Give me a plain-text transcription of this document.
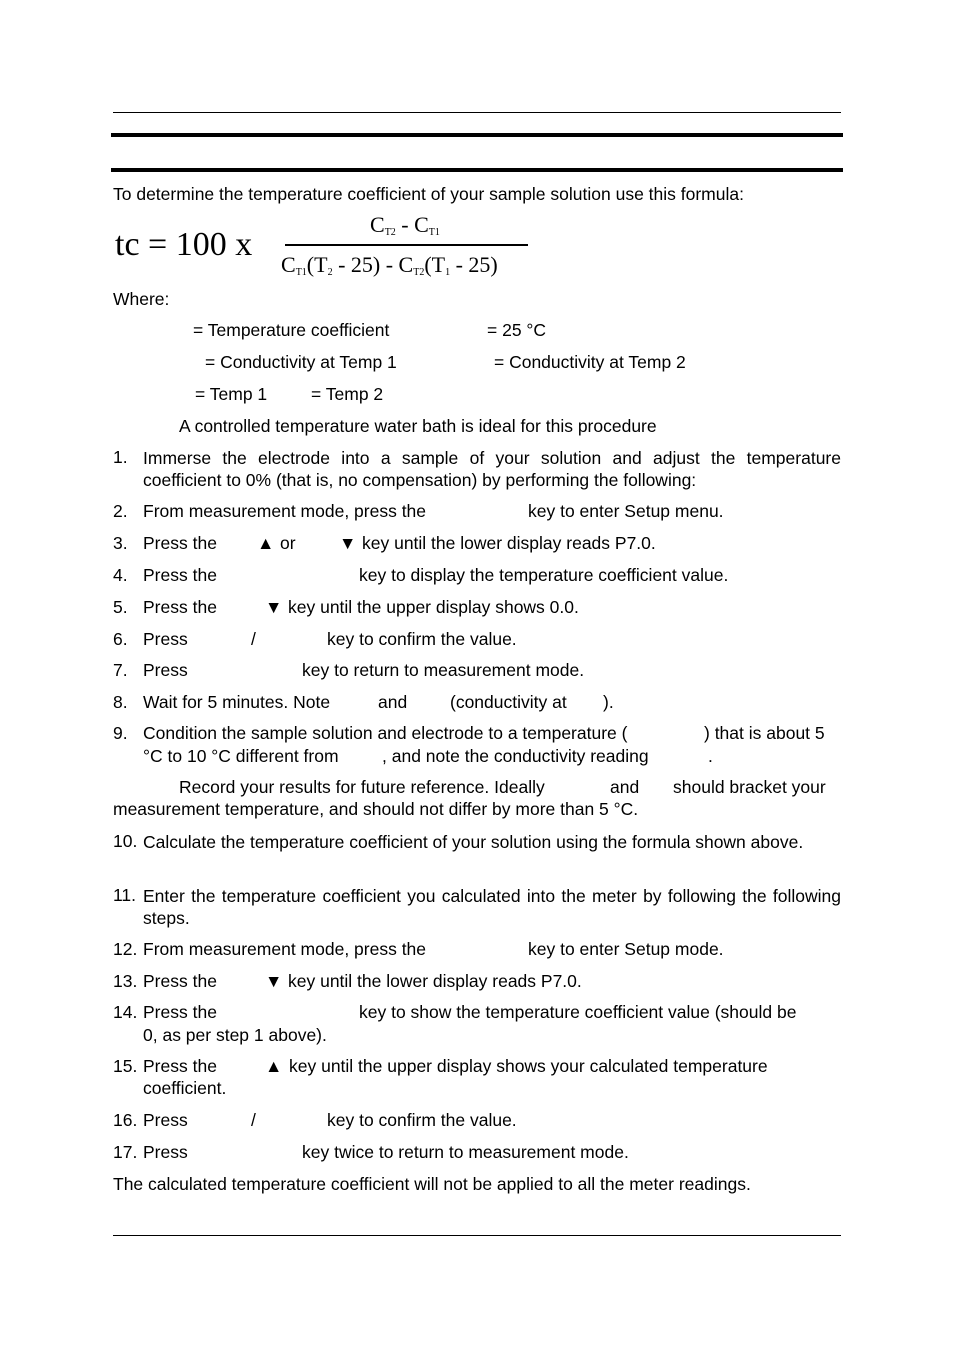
To determine the temperature coefficient of your sample solution use this formula:
tc = 100 x
$C_{T2} - C_{T1}$
$C_{T1}(T_2 - 25) - C_{T2}(T_1 - 25)$
Where:
= Temperature coefficient	= 25 °C
= Conductivity at Temp 1	= Conductivity at Temp 2
= Temp 1	= Temp 2
A controlled temperature water bath is ideal for this procedure
1. Immerse the electrode into a sample of your solution and adjust the temperature coefficient to 0% (that is, no compensation) by performing the following:
2. From measurement mode, press the	key to enter Setup menu.
3. Press the ▲ or ▼ key until the lower display reads P7.0.
4. Press the	key to display the temperature coefficient value.
5. Press the	▼ key until the upper display shows 0.0.
6. Press	/	key to confirm the value.
7. Press	key to return to measurement mode.
8. Wait for 5 minutes. Note	and (conductivity at ).
9. Condition the sample solution and electrode to a temperature (	) that is about 5
°C to 10 °C different from , and note the conductivity reading	.
Record your results for future reference. Ideally	and should bracket your
measurement temperature, and should not differ by more than 5 °C.
10. Calculate the temperature coefficient of your solution using the formula shown above.
11. Enter the temperature coefficient you calculated into the meter by following the following steps.
12. From measurement mode, press the	key to enter Setup mode.
13. Press the	▼ key until the lower display reads P7.0.
14. Press the	key to show the temperature coefficient value (should be
0, as per step 1 above).
15. Press the	▲ key until the upper display shows your calculated temperature
coefficient.
16. Press	/	key to confirm the value.
17. Press	key twice to return to measurement mode.
The calculated temperature coefficient will not be applied to all the meter readings.
